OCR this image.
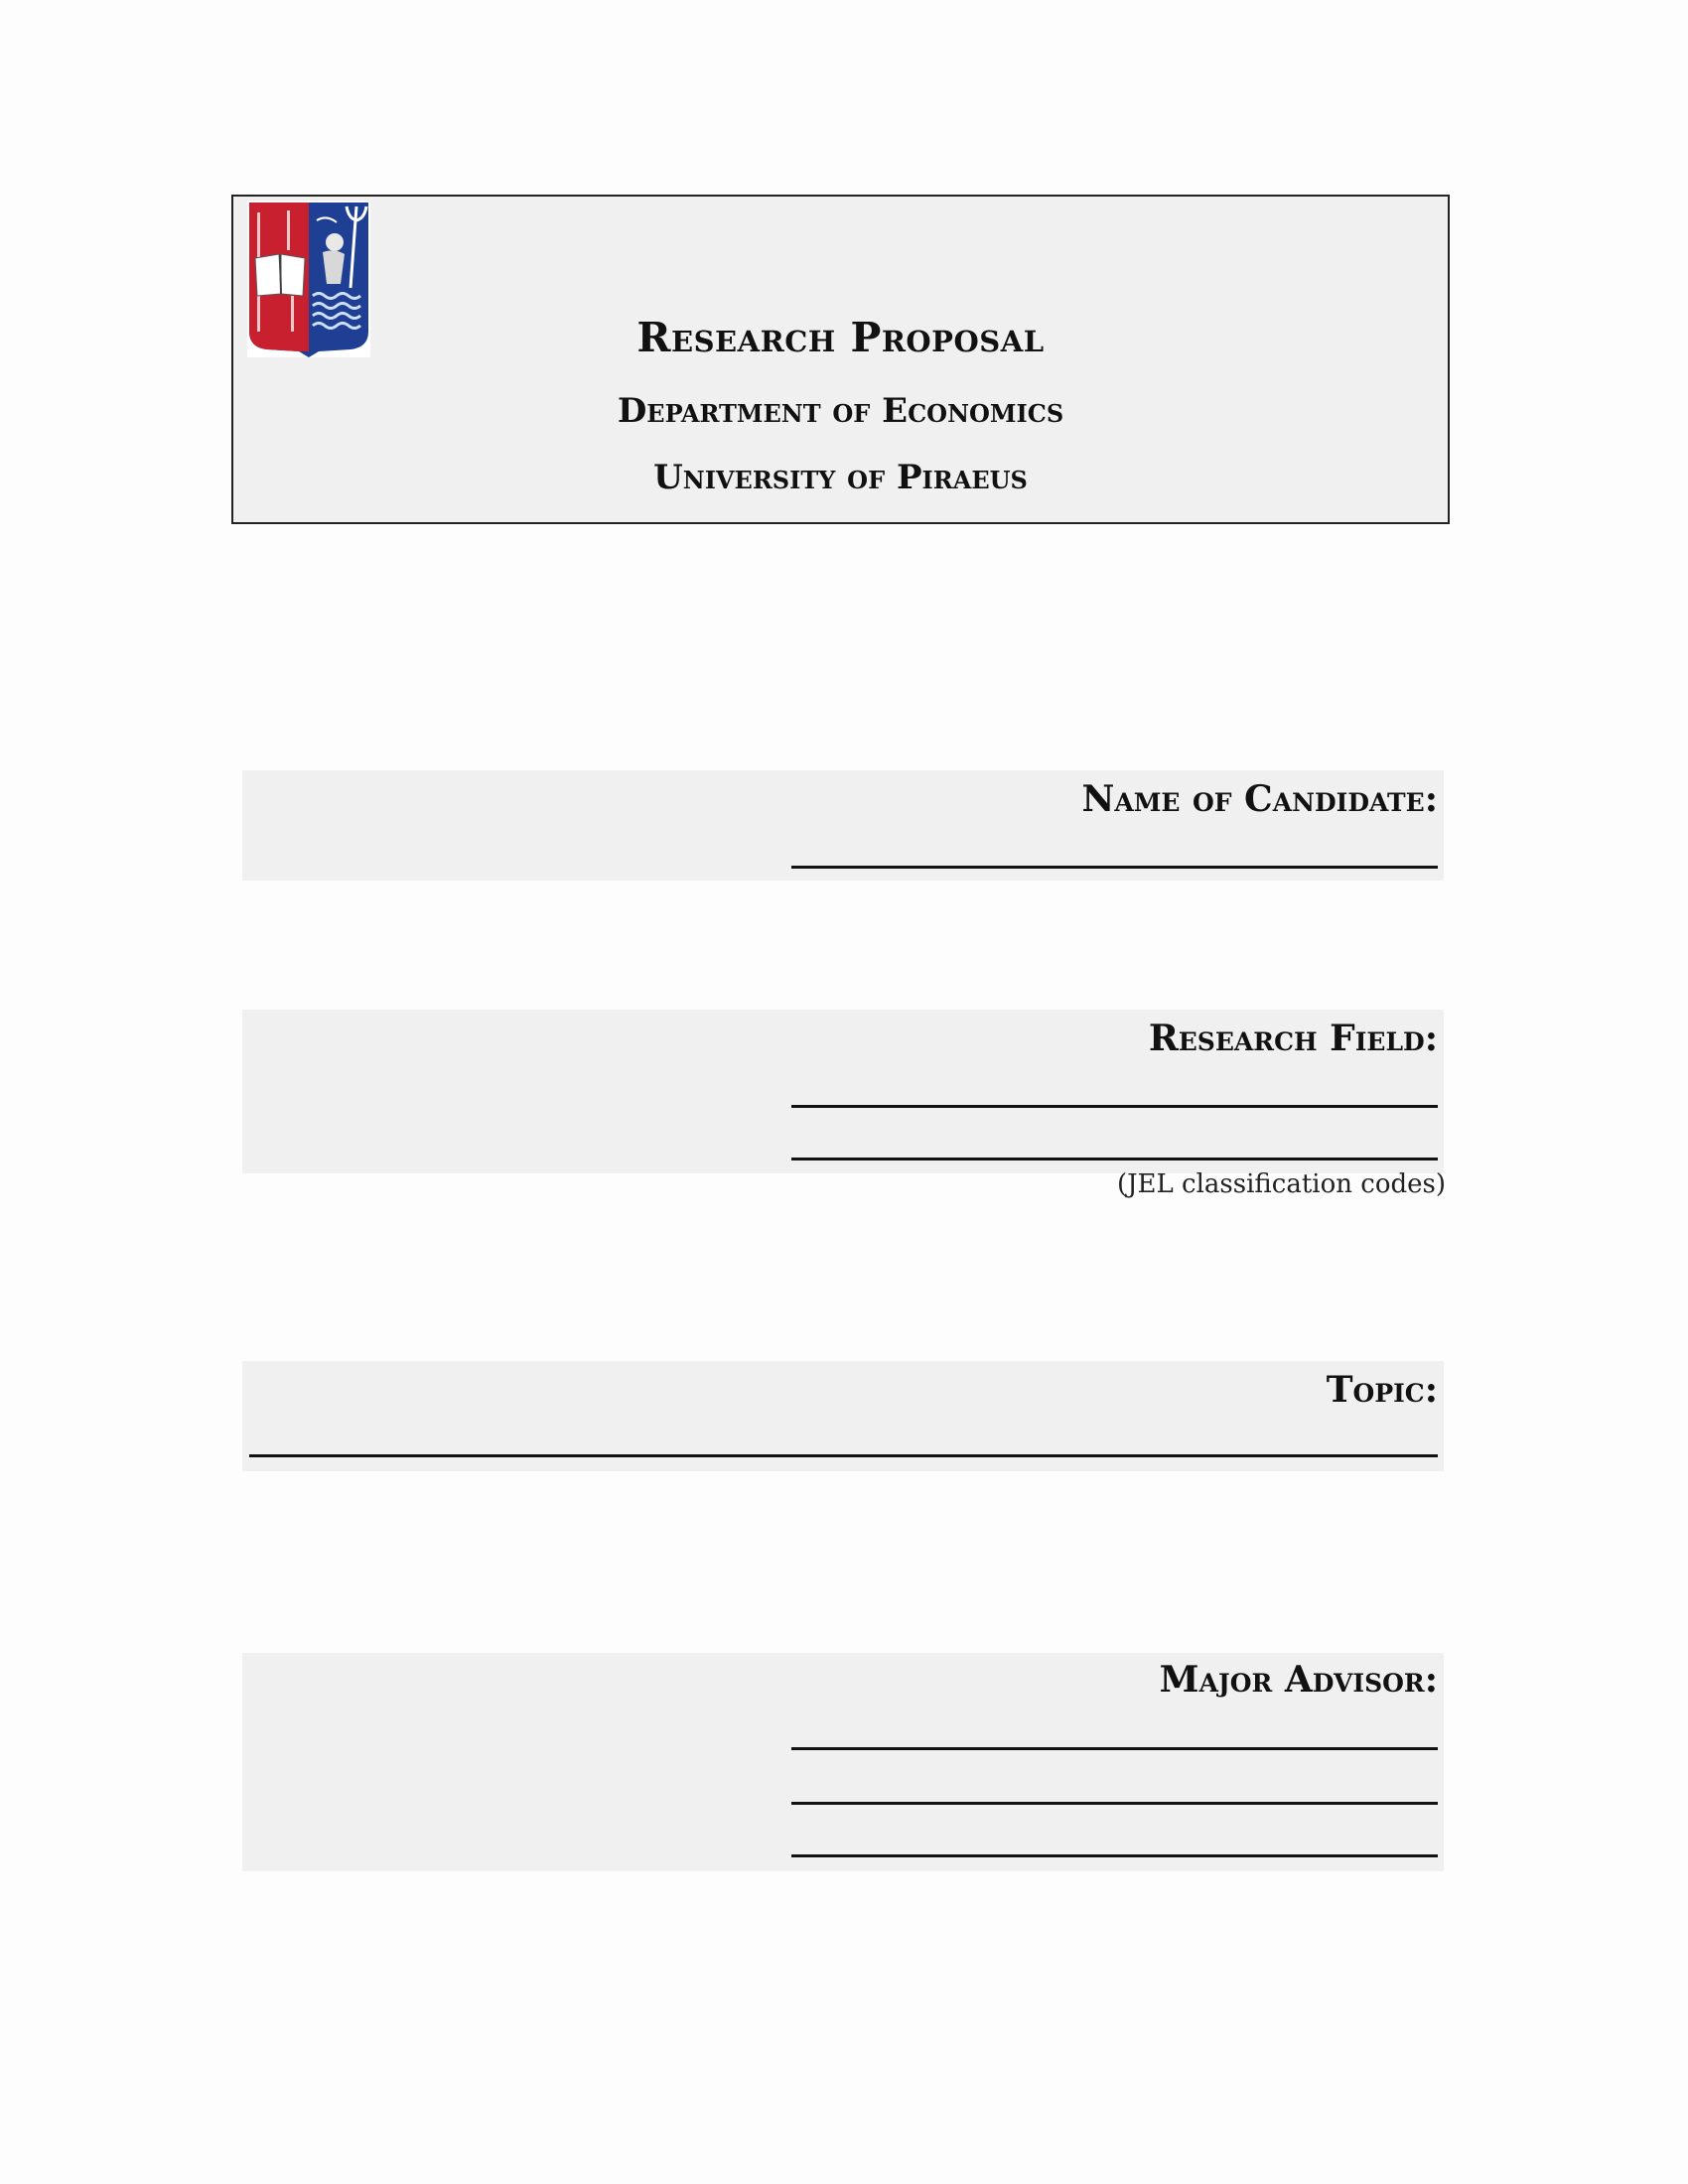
Research Proposal
Department of Economics
University of Piraeus
Name of Candidate:
Research Field:
(JEL classification codes)
Topic:
Major Advisor:
